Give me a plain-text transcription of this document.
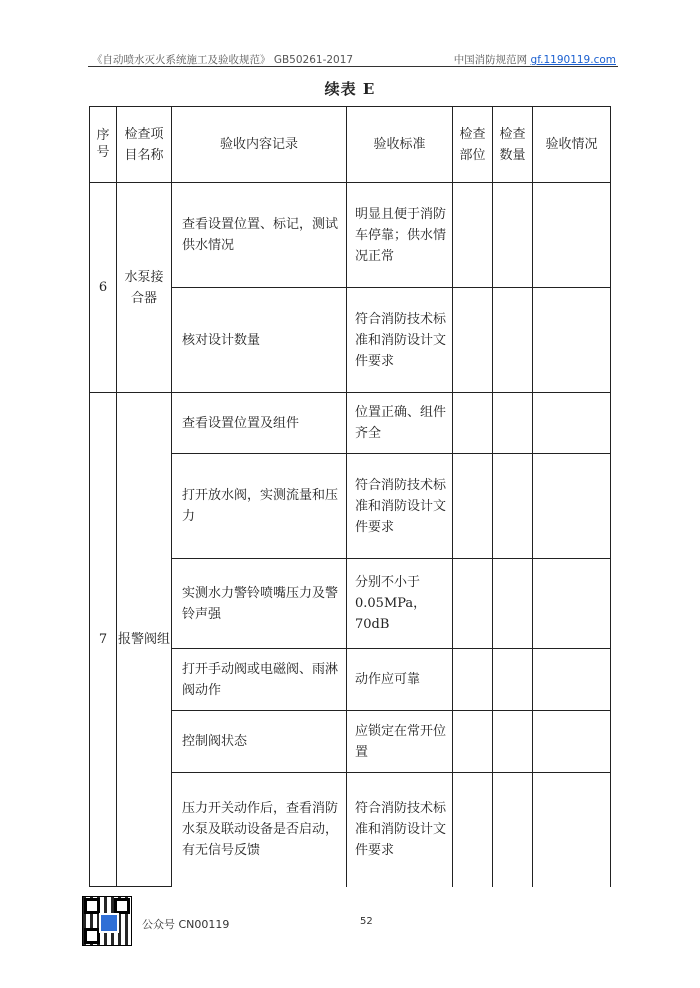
《自动喷水灭火系统施工及验收规范》 GB50261-2017	中国消防规范网 gf.1190119.com
续表 E
序号	检查项目名称	验收内容记录	验收标准	检查部位	检查数量	验收情况
6	水泵接合器	查看设置位置、标记，测试供水情况	明显且便于消防车停靠；供水情况正常			
		核对设计数量	符合消防技术标准和消防设计文件要求			
7	报警阀组	查看设置位置及组件	位置正确、组件齐全			
		打开放水阀，实测流量和压力	符合消防技术标准和消防设计文件要求			
		实测水力警铃喷嘴压力及警铃声强	分别不小于0.05MPa，70dB			
		打开手动阀或电磁阀、雨淋阀动作	动作应可靠			
		控制阀状态	应锁定在常开位置			
		压力开关动作后，查看消防水泵及联动设备是否启动，有无信号反馈	符合消防技术标准和消防设计文件要求			
公众号 CN00119	52
